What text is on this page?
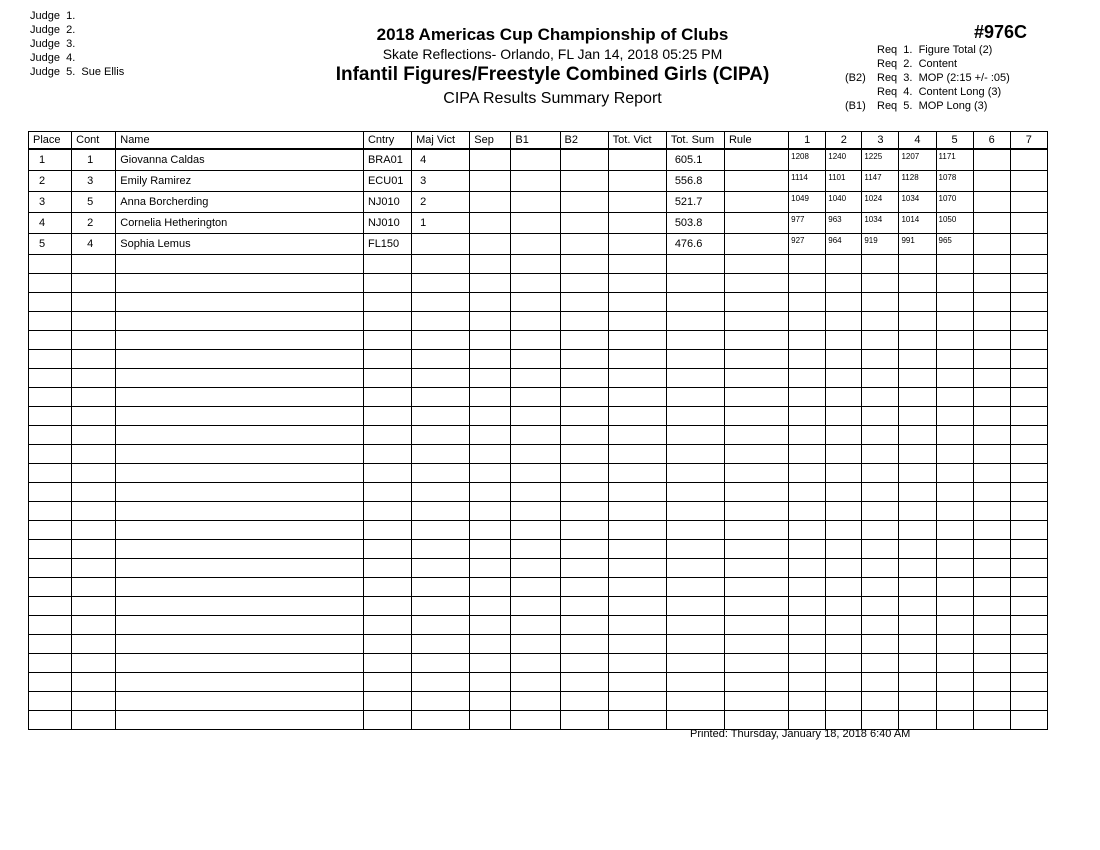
Judge  1.
Judge  2.
Judge  3.
Judge  4.
Judge  5. Sue Ellis
2018 Americas Cup Championship of Clubs
Skate Reflections- Orlando, FL Jan 14, 2018 05:25 PM
Infantil Figures/Freestyle Combined Girls (CIPA)
CIPA Results Summary Report
#976C
Req  1.  Figure Total (2)
Req  2.  Content
(B2)	Req  3.  MOP (2:15 +/- :05)
Req  4.  Content Long (3)
(B1)	Req  5.  MOP Long (3)
Place	Cont	Name	Cntry	Maj Vict	Sep	B1	B2	Tot. Vict	Tot. Sum	Rule	1	2	3	4	5	6	7
1	1	Giovanna Caldas	BRA01	4					605.1		1208	1240	1225	1207	1171		
2	3	Emily Ramirez	ECU01	3					556.8		1114	1101	1147	1128	1078		
3	5	Anna Borcherding	NJ010	2					521.7		1049	1040	1024	1034	1070		
4	2	Cornelia Hetherington	NJ010	1					503.8		977	963	1034	1014	1050		
5	4	Sophia Lemus	FL150						476.6		927	964	919	991	965		

Printed: Thursday, January 18, 2018 6:40 AM
